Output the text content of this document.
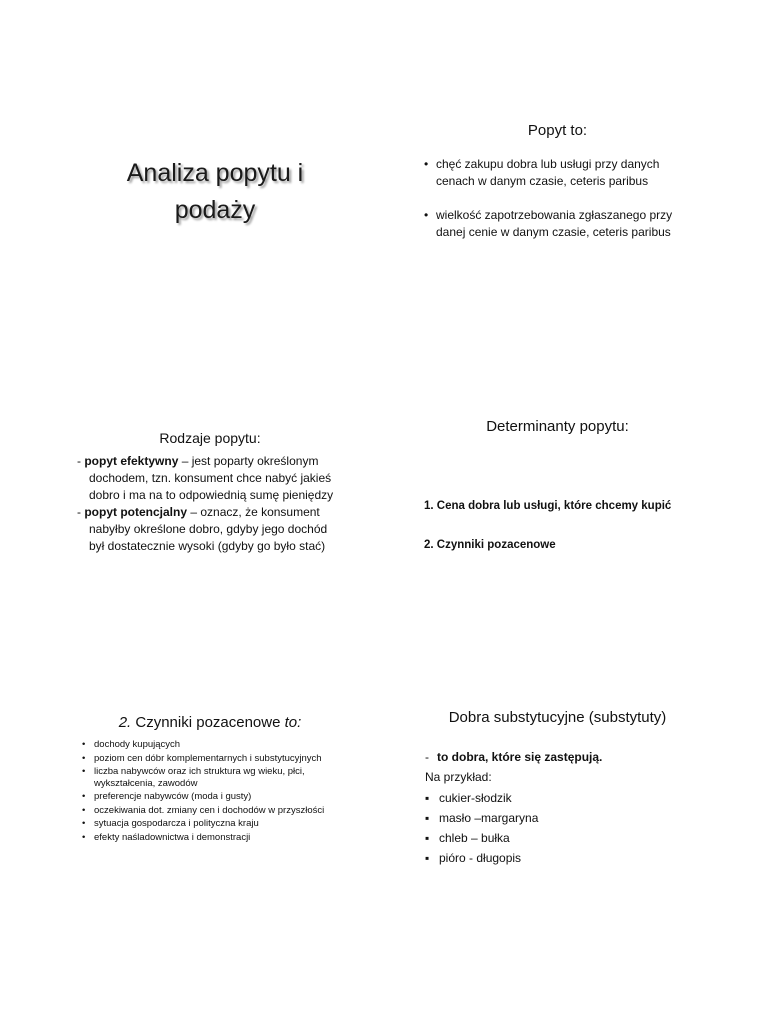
Analiza popytu i
podaży
Popyt to:
• chęć zakupu dobra lub usługi przy danych cenach w danym czasie, ceteris paribus
• wielkość zapotrzebowania zgłaszanego przy danej cenie w danym czasie, ceteris paribus
Rodzaje popytu:
- popyt efektywny – jest poparty określonym dochodem, tzn. konsument chce nabyć jakieś dobro i ma na to odpowiednią sumę pieniędzy
- popyt potencjalny – oznacz, że konsument nabyłby określone dobro, gdyby jego dochód był dostatecznie wysoki (gdyby go było stać)
Determinanty popytu:
1. Cena dobra lub usługi, które chcemy kupić
2. Czynniki pozacenowe
2. Czynniki pozacenowe to:
• dochody kupujących
• poziom cen dóbr komplementarnych i substytucyjnych
• liczba nabywców oraz ich struktura wg wieku, płci, wykształcenia, zawodów
• preferencje nabywców (moda i gusty)
• oczekiwania dot. zmiany cen i dochodów w przyszłości
• sytuacja gospodarcza i polityczna kraju
• efekty naśladownictwa i demonstracji
Dobra substytucyjne (substytuty)
- to dobra, które się zastępują.
Na przykład:
▪ cukier-słodzik
▪ masło –margaryna
▪ chleb – bułka
▪ pióro - długopis
